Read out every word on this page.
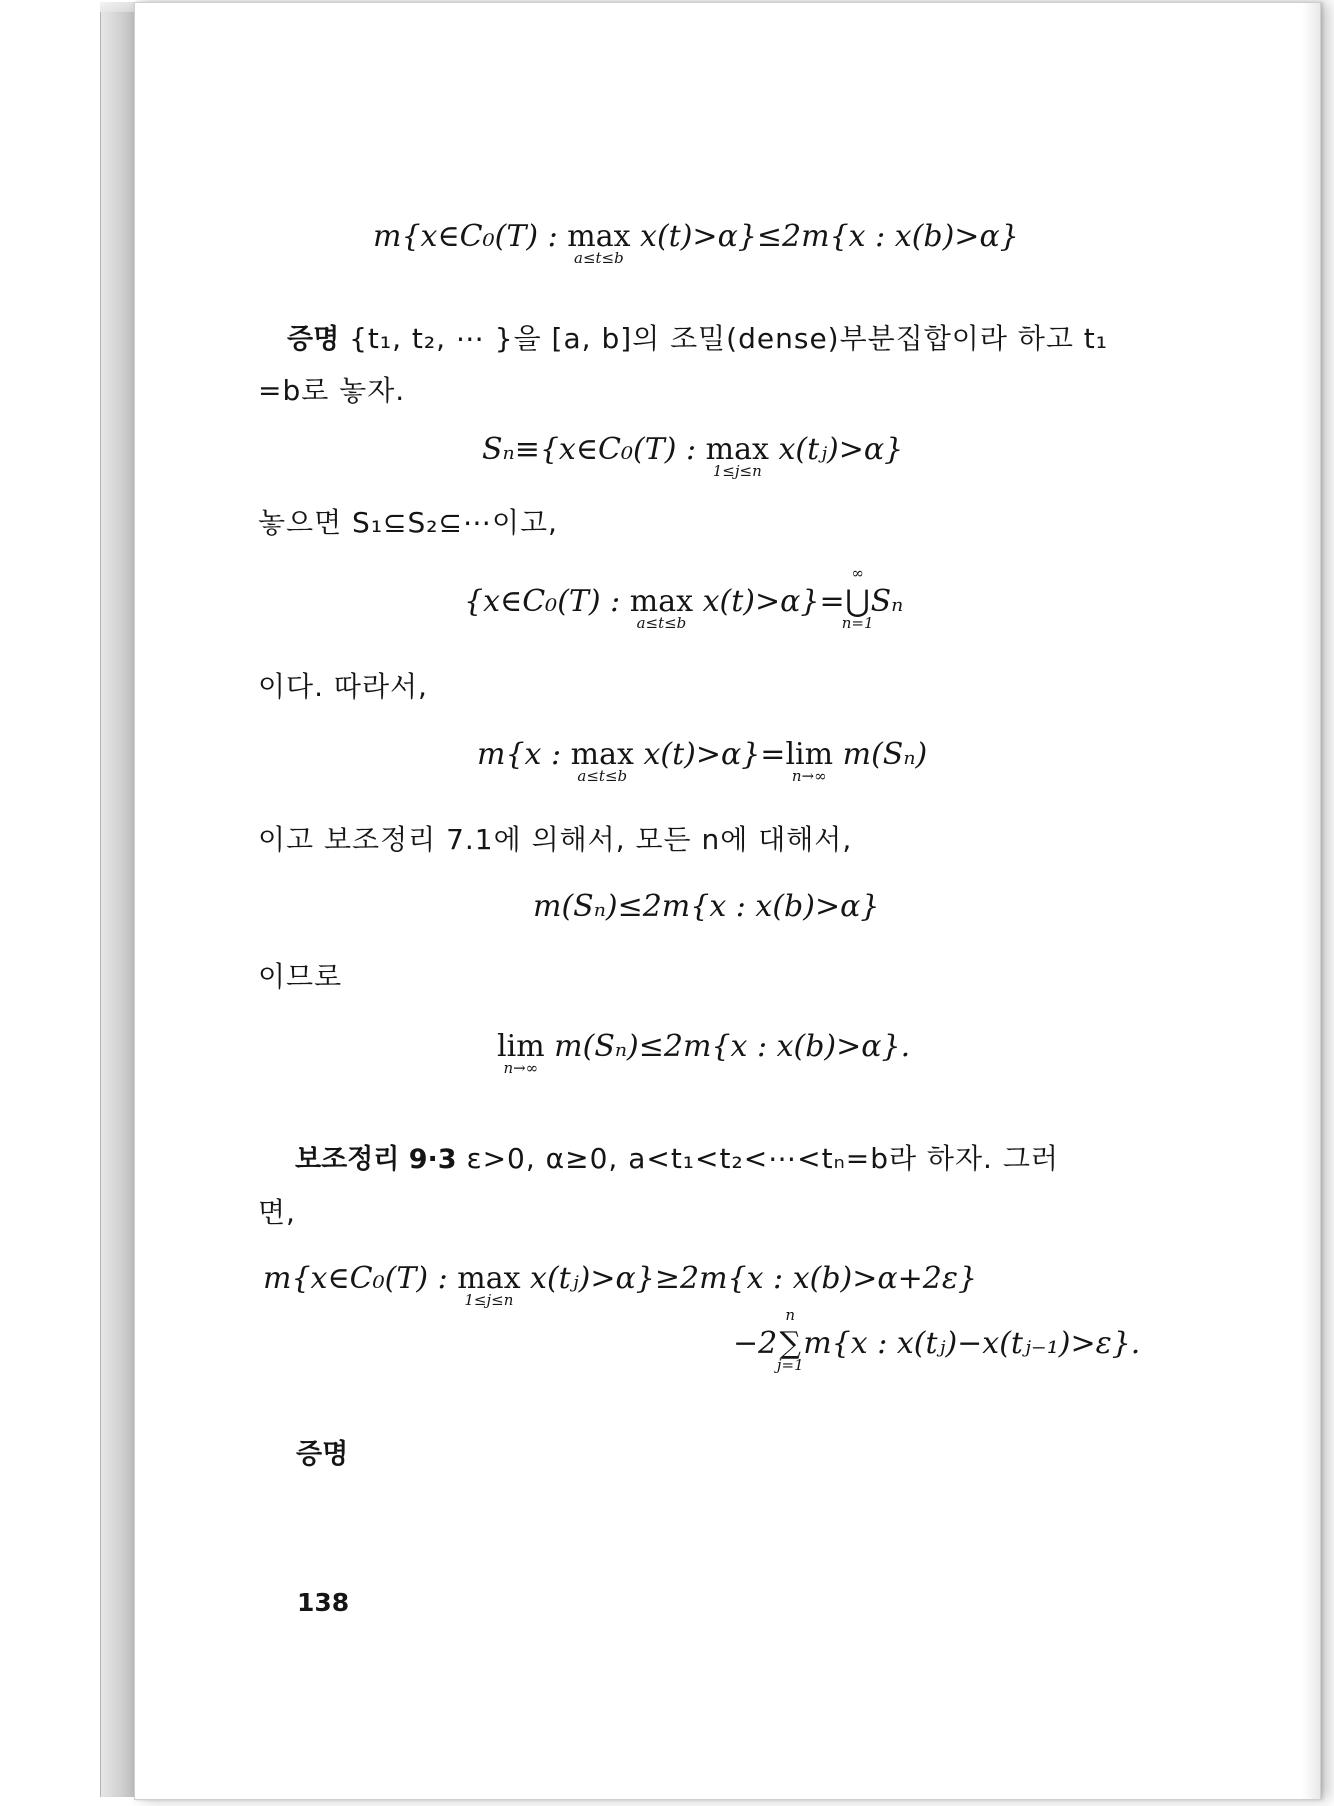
m{x∈C₀(T) : max
a≤t≤b
x(t)>α}≤2m{x : x(b)>α}
증명 {t₁, t₂, ⋯ }을 [a, b]의 조밀(dense)부분집합이라 하고 t₁
=b로 놓자.
Sₙ≡{x∈C₀(T) : max
1≤j≤n
x(tⱼ)>α}
놓으면 S₁⊆S₂⊆⋯이고,
{x∈C₀(T) : max
a≤t≤b
x(t)>α}=⋃
∞
n=1
Sₙ
이다. 따라서,
m{x : max
a≤t≤b
x(t)>α}=lim
n→∞
m(Sₙ)
이고 보조정리 7.1에 의해서, 모든 n에 대해서,
m(Sₙ)≤2m{x : x(b)>α}
이므로
lim
n→∞
m(Sₙ)≤2m{x : x(b)>α}.
보조정리 9·3 ε>0, α≥0, a<t₁<t₂<⋯<tₙ=b라 하자. 그러
면,
m{x∈C₀(T) : max
1≤j≤n
x(tⱼ)>α}≥2m{x : x(b)>α+2ε}
−2∑
n
j=1
m{x : x(tⱼ)−x(tⱼ₋₁)>ε}.
증명
138
